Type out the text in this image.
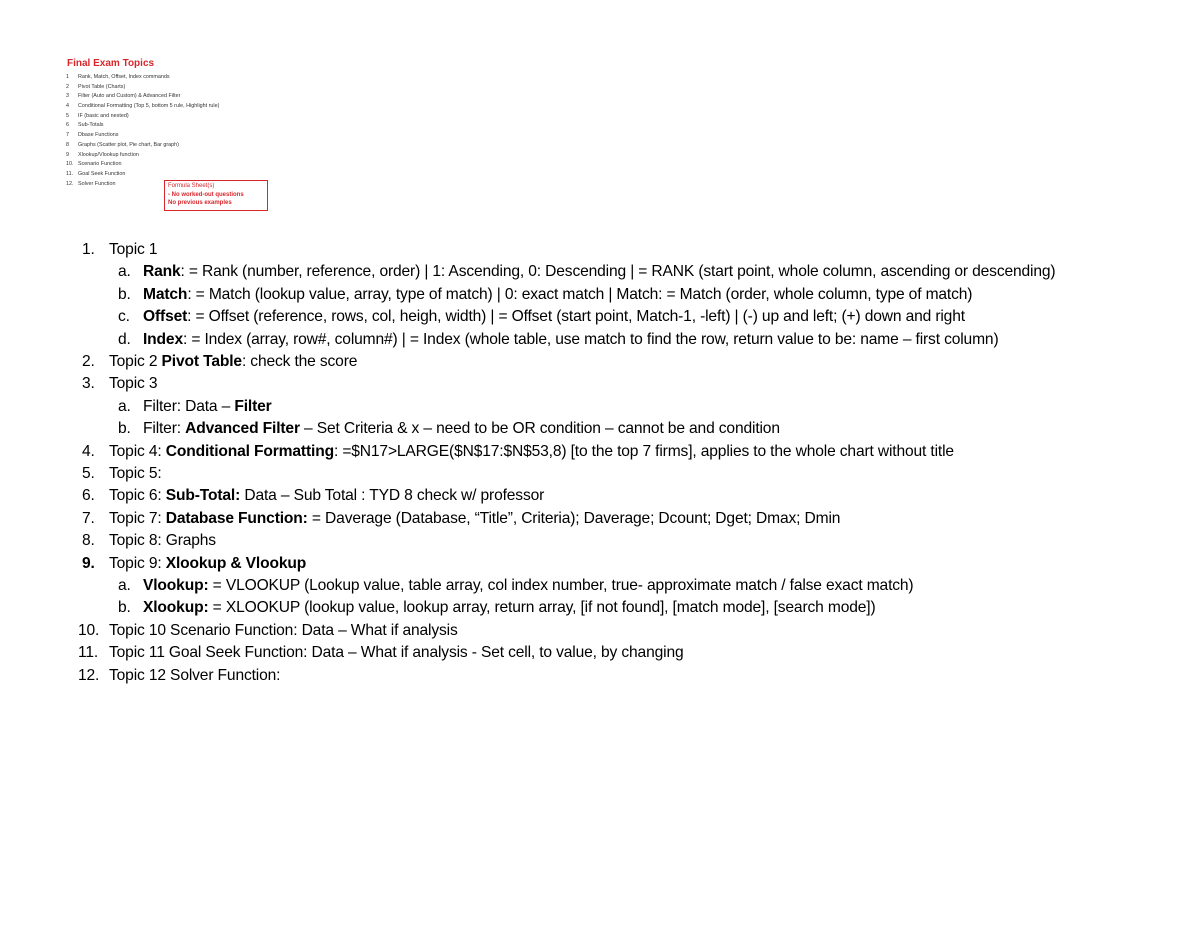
Final Exam Topics
1 Rank, Match, Offset, Index commands
2 Pivot Table (Charts)
3 Filter (Auto and Custom) & Advanced Filter
4 Conditional Formatting (Top 5, bottom 5 rule, Highlight rule)
5 IF (basic and nested)
6 Sub-Totals
7 Dbase Functions
8 Graphs (Scatter plot, Pie chart, Bar graph)
9 Xlookup/Vlookup function
10. Scenario Function
11. Goal Seek Function
12. Solver Function	Formula Sheet(s)
- No worked-out questions
No previous examples
1. Topic 1
a. Rank: = Rank (number, reference, order) | 1: Ascending, 0: Descending | = RANK (start point, whole column, ascending or descending)
b. Match: = Match (lookup value, array, type of match) | 0: exact match | Match: = Match (order, whole column, type of match)
c. Offset: = Offset (reference, rows, col, heigh, width) | = Offset (start point, Match-1, -left) | (-) up and left; (+) down and right
d. Index: = Index (array, row#, column#) | = Index (whole table, use match to find the row, return value to be: name – first column)
2. Topic 2 Pivot Table: check the score
3. Topic 3
a. Filter: Data – Filter
b. Filter: Advanced Filter – Set Criteria & x – need to be OR condition – cannot be and condition
4. Topic 4: Conditional Formatting: =$N17>LARGE($N$17:$N$53,8) [to the top 7 firms], applies to the whole chart without title
5. Topic 5:
6. Topic 6: Sub-Total: Data – Sub Total : TYD 8 check w/ professor
7. Topic 7: Database Function: = Daverage (Database, “Title”, Criteria); Daverage; Dcount; Dget; Dmax; Dmin
8. Topic 8: Graphs
9. Topic 9: Xlookup & Vlookup
a. Vlookup: = VLOOKUP (Lookup value, table array, col index number, true- approximate match / false exact match)
b. Xlookup: = XLOOKUP (lookup value, lookup array, return array, [if not found], [match mode], [search mode])
10. Topic 10 Scenario Function: Data – What if analysis
11. Topic 11 Goal Seek Function: Data – What if analysis - Set cell, to value, by changing
12. Topic 12 Solver Function:
